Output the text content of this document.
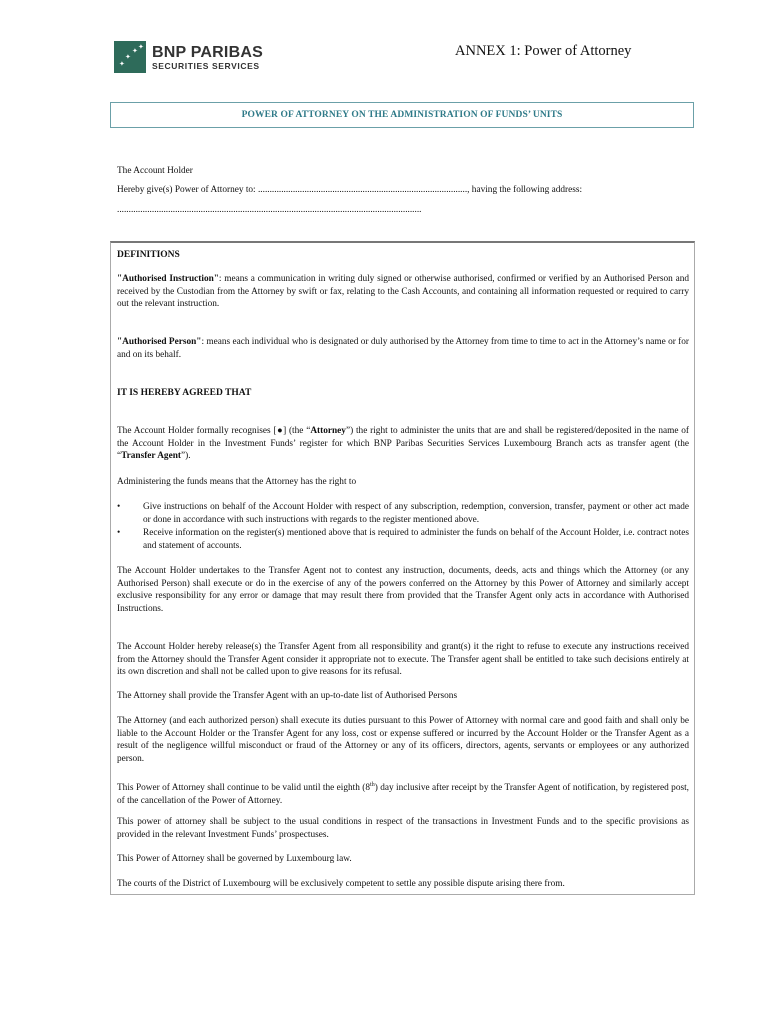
✦
✦
✦ ✦ BNP PARIBAS
SECURITIES SERVICES
ANNEX 1: Power of Attorney
POWER OF ATTORNEY ON THE ADMINISTRATION OF FUNDS’ UNITS
The Account Holder
Hereby give(s) Power of Attorney to: .........................................................................................., having the following address:
...................................................................................................................................
DEFINITIONS
"Authorised Instruction": means a communication in writing duly signed or otherwise authorised, confirmed or verified by an Authorised Person and received by the Custodian from the Attorney by swift or fax, relating to the Cash Accounts, and containing all information requested or required to carry out the relevant instruction.
"Authorised Person": means each individual who is designated or duly authorised by the Attorney from time to time to act in the Attorney’s name or for and on its behalf.
IT IS HEREBY AGREED THAT
The Account Holder formally recognises [●] (the “Attorney”) the right to administer the units that are and shall be registered/deposited in the name of the Account Holder in the Investment Funds’ register for which BNP Paribas Securities Services Luxembourg Branch acts as transfer agent (the “Transfer Agent”).
Administering the funds means that the Attorney has the right to
• Give instructions on behalf of the Account Holder with respect of any subscription, redemption, conversion, transfer, payment or other act made or done in accordance with such instructions with regards to the register mentioned above.
• Receive information on the register(s) mentioned above that is required to administer the funds on behalf of the Account Holder, i.e. contract notes and statement of accounts.
The Account Holder undertakes to the Transfer Agent not to contest any instruction, documents, deeds, acts and things which the Attorney (or any Authorised Person) shall execute or do in the exercise of any of the powers conferred on the Attorney by this Power of Attorney and similarly accept exclusive responsibility for any error or damage that may result there from provided that the Transfer Agent only acts in accordance with Authorised Instructions.
The Account Holder hereby release(s) the Transfer Agent from all responsibility and grant(s) it the right to refuse to execute any instructions received from the Attorney should the Transfer Agent consider it appropriate not to execute. The Transfer agent shall be entitled to take such decisions entirely at its own discretion and shall not be called upon to give reasons for its refusal.
The Attorney shall provide the Transfer Agent with an up-to-date list of Authorised Persons
The Attorney (and each authorized person) shall execute its duties pursuant to this Power of Attorney with normal care and good faith and shall only be liable to the Account Holder or the Transfer Agent for any loss, cost or expense suffered or incurred by the Account Holder or the Transfer Agent as a result of the negligence willful misconduct or fraud of the Attorney or any of its officers, directors, agents, servants or employees or any authorized person.
This Power of Attorney shall continue to be valid until the eighth (8th) day inclusive after receipt by the Transfer Agent of notification, by registered post, of the cancellation of the Power of Attorney.
This power of attorney shall be subject to the usual conditions in respect of the transactions in Investment Funds and to the specific provisions as provided in the relevant Investment Funds’ prospectuses.
This Power of Attorney shall be governed by Luxembourg law.
The courts of the District of Luxembourg will be exclusively competent to settle any possible dispute arising there from.
